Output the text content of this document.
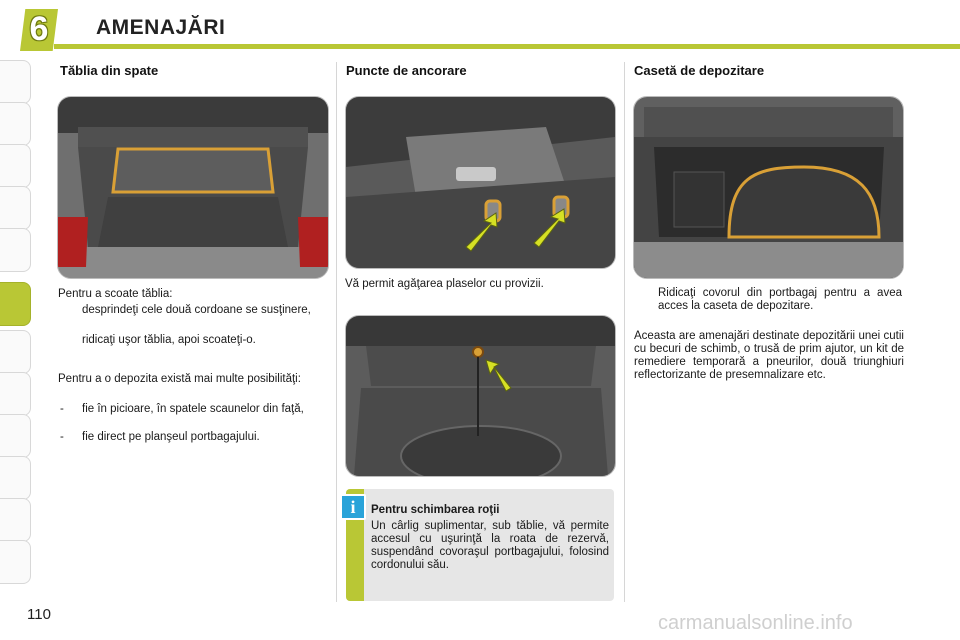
6	AMENAJĂRI
Tăblia din spate
Pentru a scoate tăblia:
desprindeţi cele două cordoane se susţinere,
ridicaţi uşor tăblia, apoi scoateţi-o.
Pentru a o depozita există mai multe posibilităţi:
- fie în picioare, în spatele scaunelor din faţă,
- fie direct pe planşeul portbagajului.
Puncte de ancorare
Vă permit agăţarea plaselor cu provizii.
i	Pentru schimbarea roţii
Un cârlig suplimentar, sub tăblie, vă permite accesul cu uşurinţă la roata de rezervă, suspendând covoraşul portbagajului, folosind cordonului său.
Casetă de depozitare
Ridicaţi covorul din portbagaj pentru a avea acces la caseta de depozitare.
Aceasta are amenajări destinate depozitării unei cutii cu becuri de schimb, o trusă de prim ajutor, un kit de remediere temporară a pneurilor, două triunghiuri reflectorizante de presemnalizare etc.
110	carmanualsonline.info
